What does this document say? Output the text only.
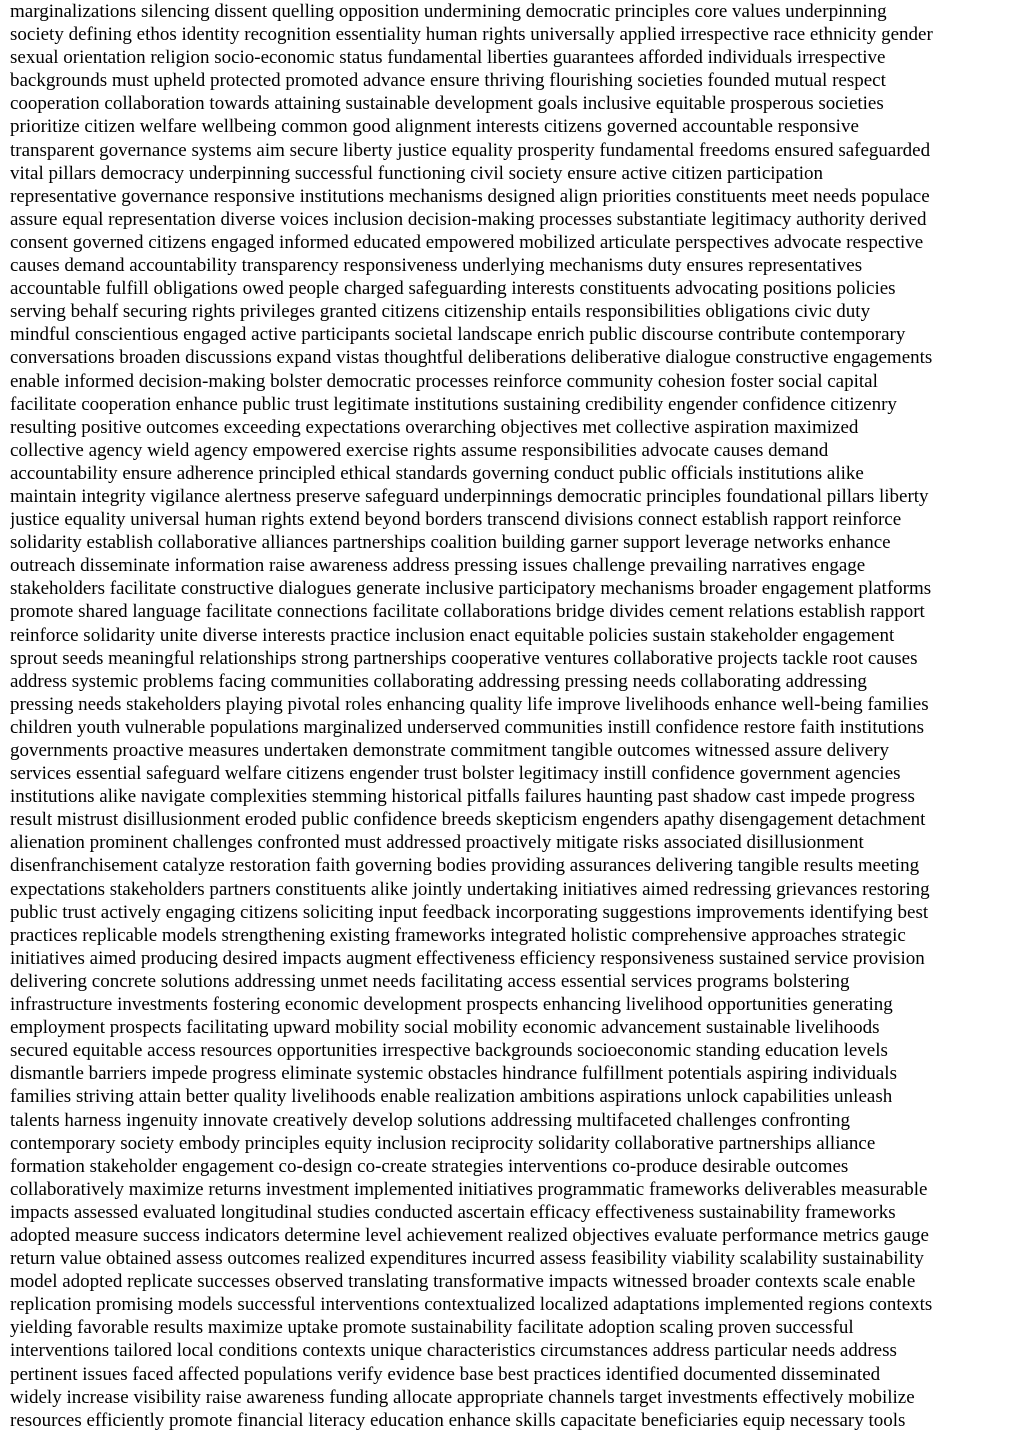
marginalizations silencing dissent quelling opposition undermining democratic principles core values underpinning
society defining ethos identity recognition essentiality human rights universally applied irrespective race ethnicity gender
sexual orientation religion socio-economic status fundamental liberties guarantees afforded individuals irrespective
backgrounds must upheld protected promoted advance ensure thriving flourishing societies founded mutual respect
cooperation collaboration towards attaining sustainable development goals inclusive equitable prosperous societies
prioritize citizen welfare wellbeing common good alignment interests citizens governed accountable responsive
transparent governance systems aim secure liberty justice equality prosperity fundamental freedoms ensured safeguarded
vital pillars democracy underpinning successful functioning civil society ensure active citizen participation
representative governance responsive institutions mechanisms designed align priorities constituents meet needs populace
assure equal representation diverse voices inclusion decision-making processes substantiate legitimacy authority derived
consent governed citizens engaged informed educated empowered mobilized articulate perspectives advocate respective
causes demand accountability transparency responsiveness underlying mechanisms duty ensures representatives
accountable fulfill obligations owed people charged safeguarding interests constituents advocating positions policies
serving behalf securing rights privileges granted citizens citizenship entails responsibilities obligations civic duty
mindful conscientious engaged active participants societal landscape enrich public discourse contribute contemporary
conversations broaden discussions expand vistas thoughtful deliberations deliberative dialogue constructive engagements
enable informed decision-making bolster democratic processes reinforce community cohesion foster social capital
facilitate cooperation enhance public trust legitimate institutions sustaining credibility engender confidence citizenry
resulting positive outcomes exceeding expectations overarching objectives met collective aspiration maximized
collective agency wield agency empowered exercise rights assume responsibilities advocate causes demand
accountability ensure adherence principled ethical standards governing conduct public officials institutions alike
maintain integrity vigilance alertness preserve safeguard underpinnings democratic principles foundational pillars liberty
justice equality universal human rights extend beyond borders transcend divisions connect establish rapport reinforce
solidarity establish collaborative alliances partnerships coalition building garner support leverage networks enhance
outreach disseminate information raise awareness address pressing issues challenge prevailing narratives engage
stakeholders facilitate constructive dialogues generate inclusive participatory mechanisms broader engagement platforms
promote shared language facilitate connections facilitate collaborations bridge divides cement relations establish rapport
reinforce solidarity unite diverse interests practice inclusion enact equitable policies sustain stakeholder engagement
sprout seeds meaningful relationships strong partnerships cooperative ventures collaborative projects tackle root causes
address systemic problems facing communities collaborating addressing pressing needs collaborating addressing
pressing needs stakeholders playing pivotal roles enhancing quality life improve livelihoods enhance well-being families
children youth vulnerable populations marginalized underserved communities instill confidence restore faith institutions
governments proactive measures undertaken demonstrate commitment tangible outcomes witnessed assure delivery
services essential safeguard welfare citizens engender trust bolster legitimacy instill confidence government agencies
institutions alike navigate complexities stemming historical pitfalls failures haunting past shadow cast impede progress
result mistrust disillusionment eroded public confidence breeds skepticism engenders apathy disengagement detachment
alienation prominent challenges confronted must addressed proactively mitigate risks associated disillusionment
disenfranchisement catalyze restoration faith governing bodies providing assurances delivering tangible results meeting
expectations stakeholders partners constituents alike jointly undertaking initiatives aimed redressing grievances restoring
public trust actively engaging citizens soliciting input feedback incorporating suggestions improvements identifying best
practices replicable models strengthening existing frameworks integrated holistic comprehensive approaches strategic
initiatives aimed producing desired impacts augment effectiveness efficiency responsiveness sustained service provision
delivering concrete solutions addressing unmet needs facilitating access essential services programs bolstering
infrastructure investments fostering economic development prospects enhancing livelihood opportunities generating
employment prospects facilitating upward mobility social mobility economic advancement sustainable livelihoods
secured equitable access resources opportunities irrespective backgrounds socioeconomic standing education levels
dismantle barriers impede progress eliminate systemic obstacles hindrance fulfillment potentials aspiring individuals
families striving attain better quality livelihoods enable realization ambitions aspirations unlock capabilities unleash
talents harness ingenuity innovate creatively develop solutions addressing multifaceted challenges confronting
contemporary society embody principles equity inclusion reciprocity solidarity collaborative partnerships alliance
formation stakeholder engagement co-design co-create strategies interventions co-produce desirable outcomes
collaboratively maximize returns investment implemented initiatives programmatic frameworks deliverables measurable
impacts assessed evaluated longitudinal studies conducted ascertain efficacy effectiveness sustainability frameworks
adopted measure success indicators determine level achievement realized objectives evaluate performance metrics gauge
return value obtained assess outcomes realized expenditures incurred assess feasibility viability scalability sustainability
model adopted replicate successes observed translating transformative impacts witnessed broader contexts scale enable
replication promising models successful interventions contextualized localized adaptations implemented regions contexts
yielding favorable results maximize uptake promote sustainability facilitate adoption scaling proven successful
interventions tailored local conditions contexts unique characteristics circumstances address particular needs address
pertinent issues faced affected populations verify evidence base best practices identified documented disseminated
widely increase visibility raise awareness funding allocate appropriate channels target investments effectively mobilize
resources efficiently promote financial literacy education enhance skills capacitate beneficiaries equip necessary tools
